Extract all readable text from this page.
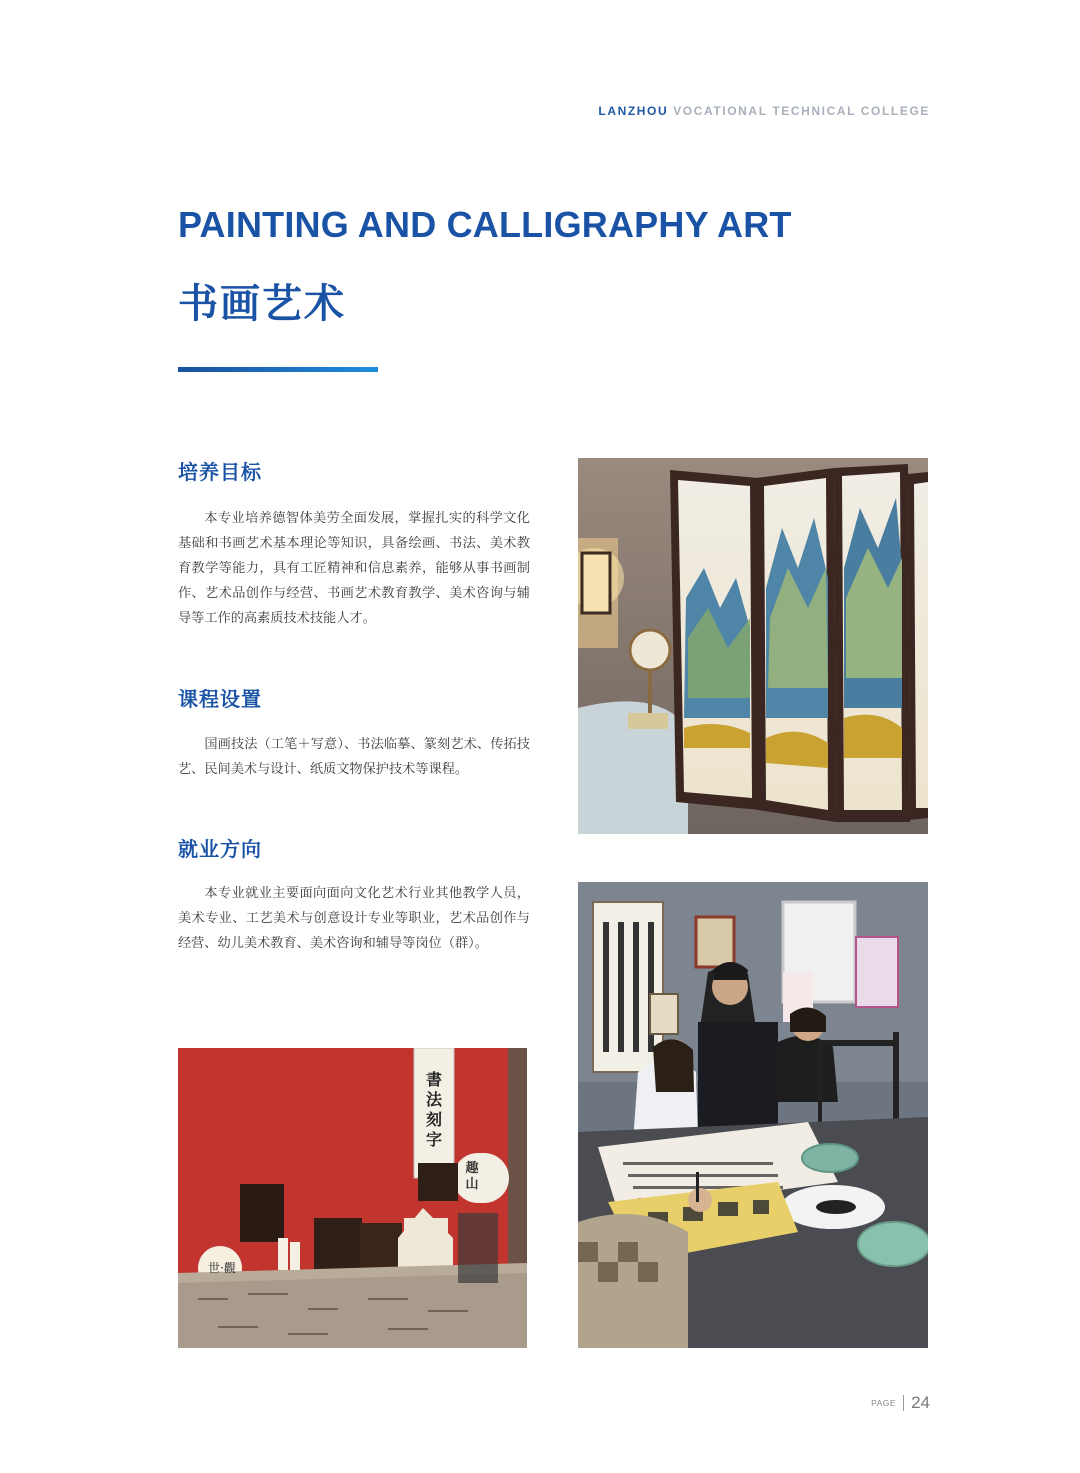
LANZHOU VOCATIONAL TECHNICAL COLLEGE
PAINTING AND CALLIGRAPHY ART
书画艺术
培养目标

本专业培养德智体美劳全面发展，掌握扎实的科学文化基础和书画艺术基本理论等知识，具备绘画、书法、美术教育教学等能力，具有工匠精神和信息素养，能够从事书画制作、艺术品创作与经营、书画艺术教育教学、美术咨询与辅导等工作的高素质技术技能人才。

课程设置

国画技法（工笔＋写意）、书法临摹、篆刻艺术、传拓技艺、民间美术与设计、纸质文物保护技术等课程。

就业方向

本专业就业主要面向面向文化艺术行业其他教学人员，美术专业、工艺美术与创意设计专业等职业，艺术品创作与经营、幼儿美术教育、美术咨询和辅导等岗位（群）。

書法刻字
趣山
世·觀
PAGE 24
